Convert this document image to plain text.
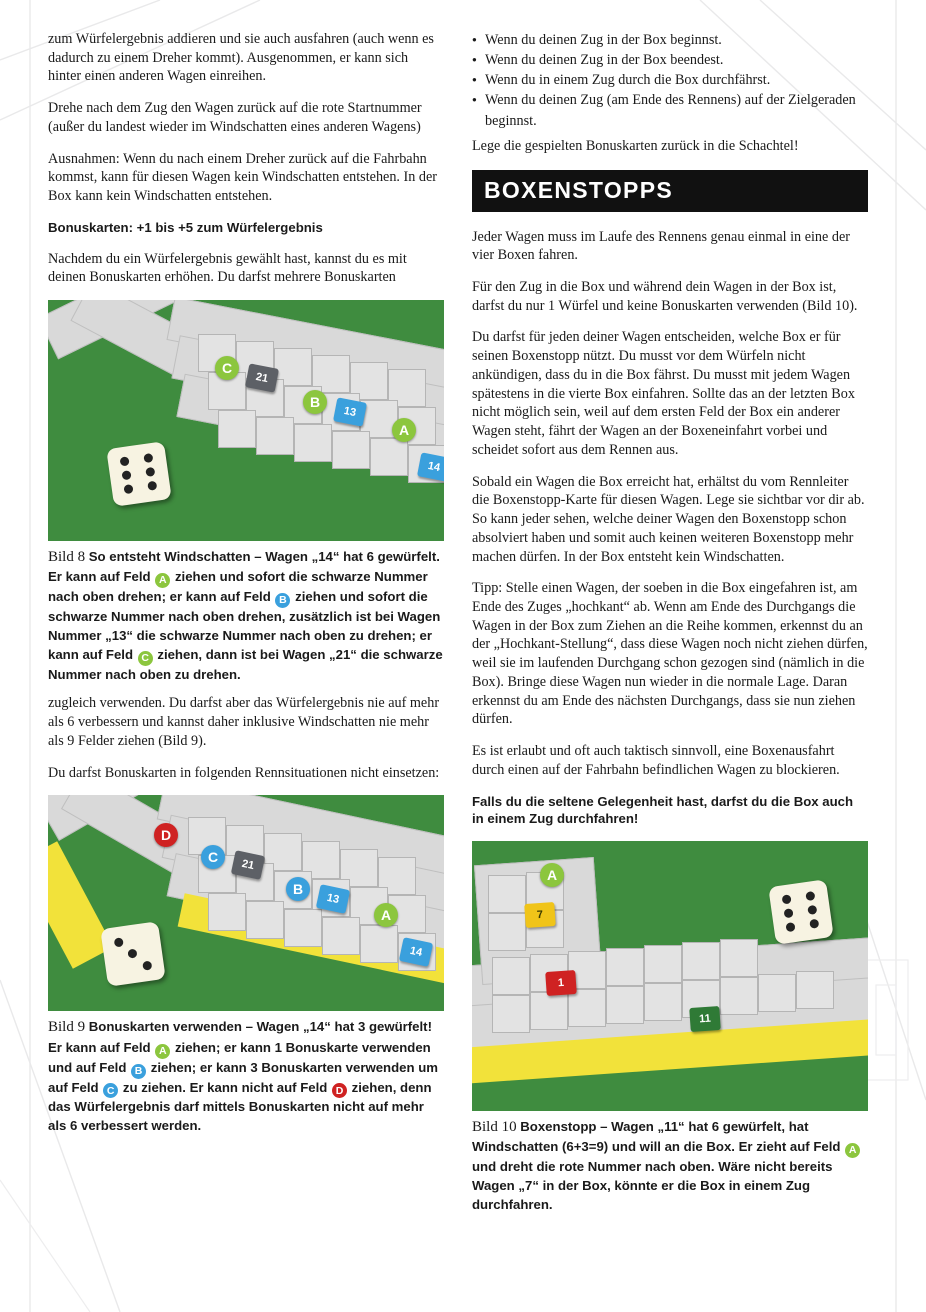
zum Würfelergebnis addieren und sie auch ausfahren (auch wenn es dadurch zu einem Dreher kommt). Ausgenommen, er kann sich hinter einen anderen Wagen einreihen.

Drehe nach dem Zug den Wagen zurück auf die rote Startnummer (außer du landest wieder im Windschatten eines anderen Wagens)

Ausnahmen: Wenn du nach einem Dreher zurück auf die Fahrbahn kommst, kann für diesen Wagen kein Windschatten entstehen. In der Box kann kein Windschatten entstehen.

Bonuskarten: +1 bis +5 zum Würfelergebnis

Nachdem du ein Würfelergebnis gewählt hast, kannst du es mit deinen Bonuskarten erhöhen. Du darfst mehrere Bonuskarten

C
B
A
21
13
14
Bild 8 So entsteht Windschatten – Wagen „14“ hat 6 gewürfelt. Er kann auf Feld A ziehen und sofort die schwarze Nummer nach oben drehen; er kann auf Feld B ziehen und sofort die schwarze Nummer nach oben drehen, zusätzlich ist bei Wagen Nummer „13“ die schwarze Nummer nach oben zu drehen; er kann auf Feld C ziehen, dann ist bei Wagen „21“ die schwarze Nummer nach oben zu drehen.

zugleich verwenden. Du darfst aber das Würfelergebnis nie auf mehr als 6 verbessern und kannst daher inklusive Windschatten nie mehr als 9 Felder ziehen (Bild 9).

Du darfst Bonuskarten in folgenden Rennsituationen nicht einsetzen:

D
C
B
A
21
13
14
Bild 9 Bonuskarten verwenden – Wagen „14“ hat 3 gewürfelt! Er kann auf Feld A ziehen; er kann 1 Bonuskarte verwenden und auf Feld B ziehen; er kann 3 Bonuskarten verwenden um auf Feld C zu ziehen. Er kann nicht auf Feld D ziehen, denn das Würfelergebnis darf mittels Bonuskarten nicht auf mehr als 6 verbessert werden.
● Wenn du deinen Zug in der Box beginnst.
● Wenn du deinen Zug in der Box beendest.
● Wenn du in einem Zug durch die Box durchfährst.
● Wenn du deinen Zug (am Ende des Rennens) auf der Zielgeraden beginnst.

Lege die gespielten Bonuskarten zurück in die Schachtel!

BOXENSTOPPS

Jeder Wagen muss im Laufe des Rennens genau einmal in eine der vier Boxen fahren.

Für den Zug in die Box und während dein Wagen in der Box ist, darfst du nur 1 Würfel und keine Bonuskarten verwenden (Bild 10).

Du darfst für jeden deiner Wagen entscheiden, welche Box er für seinen Boxenstopp nützt. Du musst vor dem Würfeln nicht ankündigen, dass du in die Box fährst. Du musst mit jedem Wagen spätestens in die vierte Box einfahren. Sollte das an der letzten Box nicht möglich sein, weil auf dem ersten Feld der Box ein anderer Wagen steht, fährt der Wagen an der Boxeneinfahrt vorbei und scheidet sofort aus dem Rennen aus.

Sobald ein Wagen die Box erreicht hat, erhältst du vom Rennleiter die Boxenstopp-Karte für diesen Wagen. Lege sie sichtbar vor dir ab. So kann jeder sehen, welche deiner Wagen den Boxenstopp schon absolviert haben und somit auch keinen weiteren Boxenstopp mehr machen dürfen. In der Box entsteht kein Windschatten.

Tipp: Stelle einen Wagen, der soeben in die Box eingefahren ist, am Ende des Zuges „hochkant“ ab. Wenn am Ende des Durchgangs die Wagen in der Box zum Ziehen an die Reihe kommen, erkennst du an der „Hochkant-Stellung“, dass diese Wagen noch nicht ziehen dürfen, weil sie im laufenden Durchgang schon gezogen sind (nämlich in die Box). Bringe diese Wagen nun wieder in die normale Lage. Daran erkennst du am Ende des nächsten Durchgangs, dass sie nun ziehen dürfen.

Es ist erlaubt und oft auch taktisch sinnvoll, eine Boxenausfahrt durch einen auf der Fahrbahn befindlichen Wagen zu blockieren.

Falls du die seltene Gelegenheit hast, darfst du die Box auch in einem Zug durchfahren!

A
7
1
11
Bild 10 Boxenstopp – Wagen „11“ hat 6 gewürfelt, hat Windschatten (6+3=9) und will an die Box. Er zieht auf Feld A und dreht die rote Nummer nach oben. Wäre nicht bereits Wagen „7“ in der Box, könnte er die Box in einem Zug durchfahren.
